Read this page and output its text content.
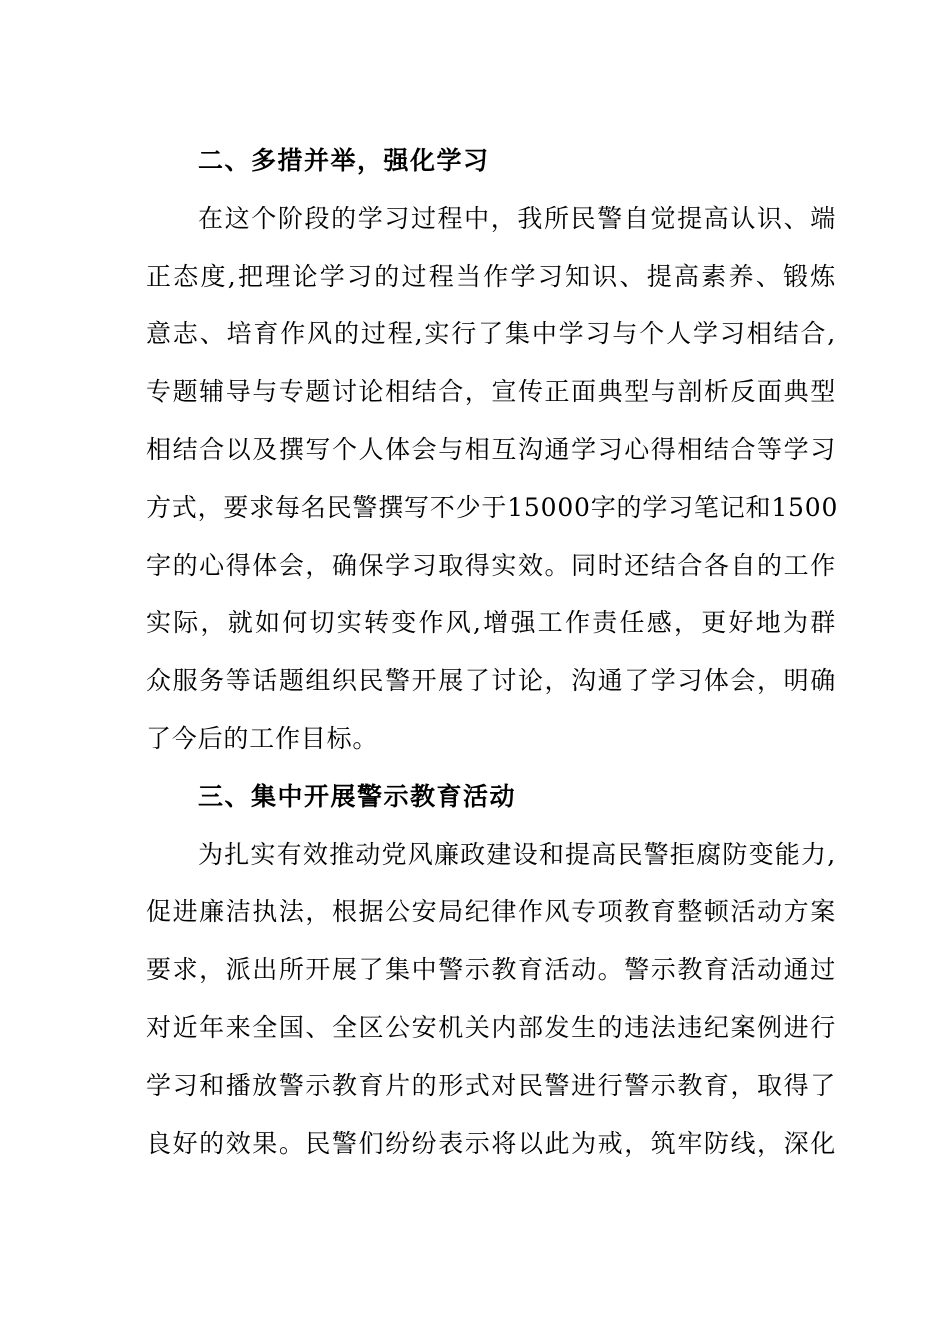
二、多措并举，强化学习
在这个阶段的学习过程中，我所民警自觉提高认识、端
正态度,把理论学习的过程当作学习知识、提高素养、锻炼
意志、培育作风的过程,实行了集中学习与个人学习相结合,
专题辅导与专题讨论相结合，宣传正面典型与剖析反面典型
相结合以及撰写个人体会与相互沟通学习心得相结合等学习
方式，要求每名民警撰写不少于15000字的学习笔记和1500
字的心得体会，确保学习取得实效。同时还结合各自的工作
实际，就如何切实转变作风,增强工作责任感，更好地为群
众服务等话题组织民警开展了讨论，沟通了学习体会，明确
了今后的工作目标。
三、集中开展警示教育活动
为扎实有效推动党风廉政建设和提高民警拒腐防变能力,
促进廉洁执法，根据公安局纪律作风专项教育整顿活动方案
要求，派出所开展了集中警示教育活动。警示教育活动通过
对近年来全国、全区公安机关内部发生的违法违纪案例进行
学习和播放警示教育片的形式对民警进行警示教育，取得了
良好的效果。民警们纷纷表示将以此为戒，筑牢防线，深化
